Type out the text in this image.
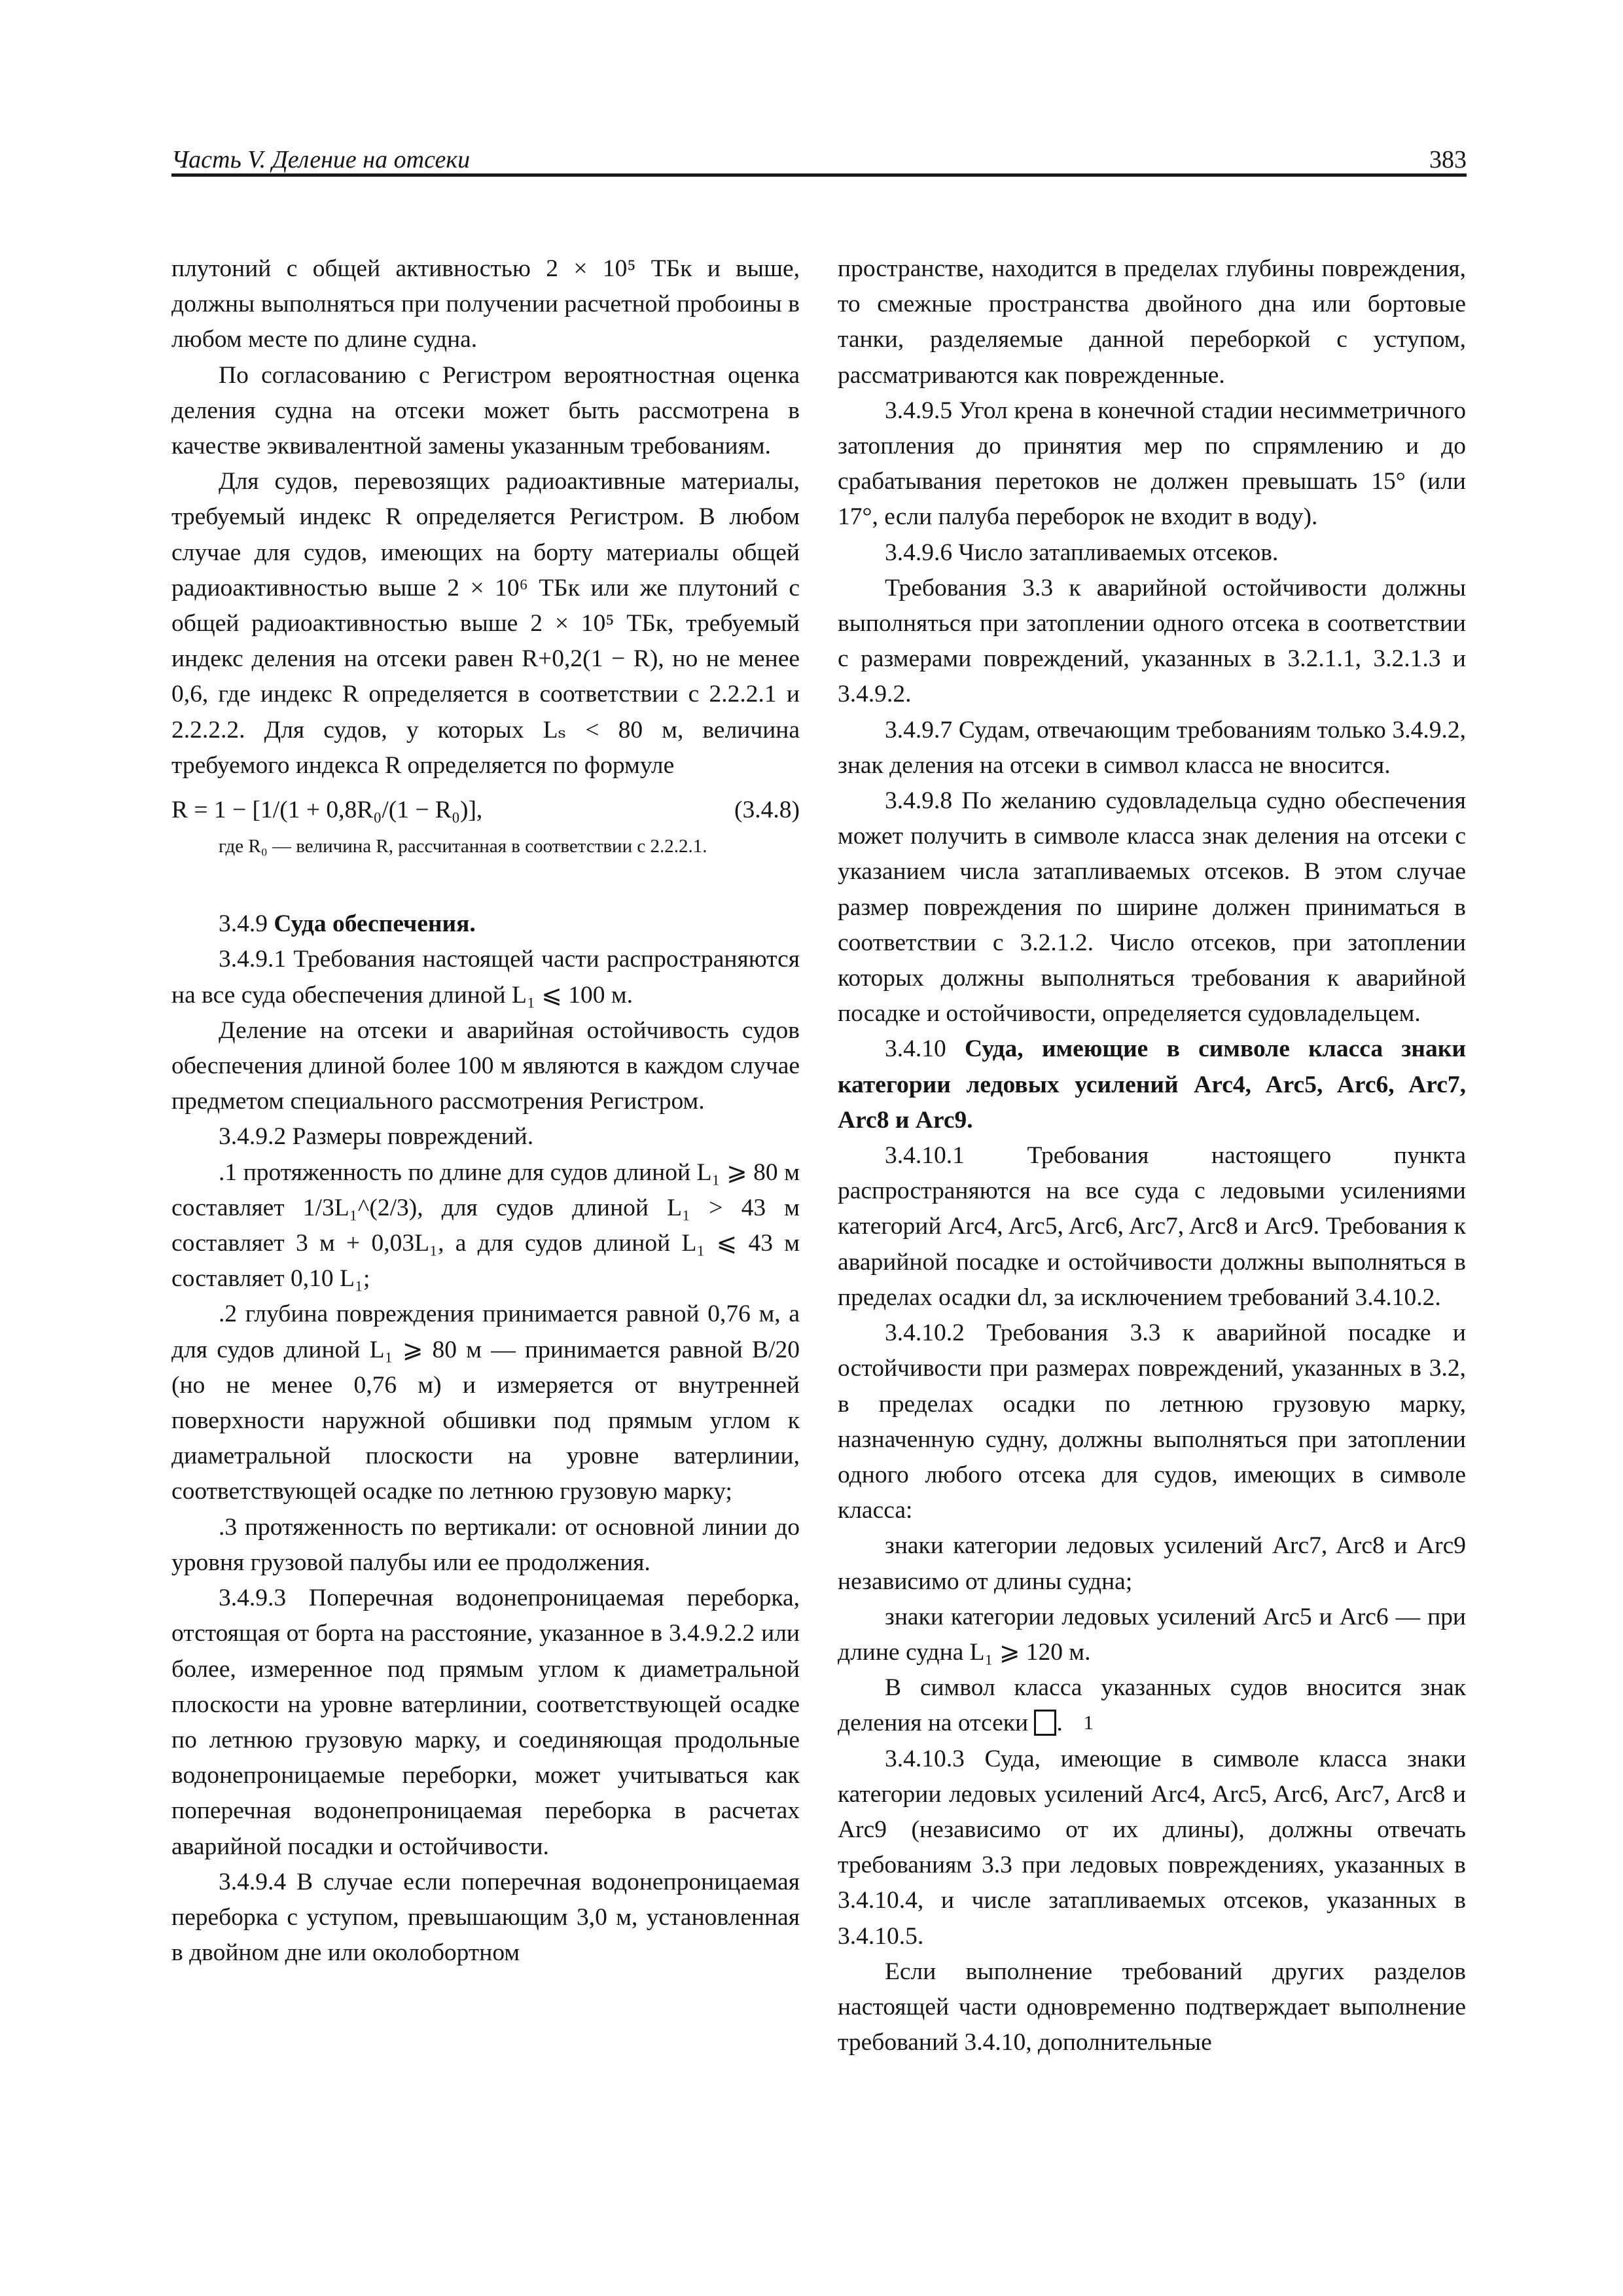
Часть V. Деление на отсеки	383

плутоний с общей активностью 2 × 10⁵ ТБк и выше, должны выполняться при получении расчетной пробоины в любом месте по длине судна.

По согласованию с Регистром вероятностная оценка деления судна на отсеки может быть рассмотрена в качестве эквивалентной замены указанным требованиям.

Для судов, перевозящих радиоактивные материалы, требуемый индекс R определяется Регистром. В любом случае для судов, имеющих на борту материалы общей радиоактивностью выше 2 × 10⁶ ТБк или же плутоний с общей радиоактивностью выше 2 × 10⁵ ТБк, требуемый индекс деления на отсеки равен R+0,2(1 − R), но не менее 0,6, где индекс R определяется в соответствии с 2.2.2.1 и 2.2.2.2. Для судов, у которых Lₛ < 80 м, величина требуемого индекса R определяется по формуле

R = 1 − [1/(1 + 0,8R₀/(1 − R₀)],	(3.4.8)
где R₀ — величина R, рассчитанная в соответствии с 2.2.2.1.

3.4.9 Суда обеспечения.

3.4.9.1 Требования настоящей части распространяются на все суда обеспечения длиной L₁ ⩽ 100 м.

Деление на отсеки и аварийная остойчивость судов обеспечения длиной более 100 м являются в каждом случае предметом специального рассмотрения Регистром.

3.4.9.2 Размеры повреждений.

.1 протяженность по длине для судов длиной L₁ ⩾ 80 м составляет 1/3L₁^(2/3), для судов длиной L₁ > 43 м составляет 3 м + 0,03L₁, а для судов длиной L₁ ⩽ 43 м составляет 0,10 L₁;

.2 глубина повреждения принимается равной 0,76 м, а для судов длиной L₁ ⩾ 80 м — принимается равной B/20 (но не менее 0,76 м) и измеряется от внутренней поверхности наружной обшивки под прямым углом к диаметральной плоскости на уровне ватерлинии, соответствующей осадке по летнюю грузовую марку;

.3 протяженность по вертикали: от основной линии до уровня грузовой палубы или ее продолжения.

3.4.9.3 Поперечная водонепроницаемая переборка, отстоящая от борта на расстояние, указанное в 3.4.9.2.2 или более, измеренное под прямым углом к диаметральной плоскости на уровне ватерлинии, соответствующей осадке по летнюю грузовую марку, и соединяющая продольные водонепроницаемые переборки, может учитываться как поперечная водонепроницаемая переборка в расчетах аварийной посадки и остойчивости.

3.4.9.4 В случае если поперечная водонепроницаемая переборка с уступом, превышающим 3,0 м, установленная в двойном дне или околобортном

пространстве, находится в пределах глубины повреждения, то смежные пространства двойного дна или бортовые танки, разделяемые данной переборкой с уступом, рассматриваются как поврежденные.

3.4.9.5 Угол крена в конечной стадии несимметричного затопления до принятия мер по спрямлению и до срабатывания перетоков не должен превышать 15° (или 17°, если палуба переборок не входит в воду).

3.4.9.6 Число затапливаемых отсеков.

Требования 3.3 к аварийной остойчивости должны выполняться при затоплении одного отсека в соответствии с размерами повреждений, указанных в 3.2.1.1, 3.2.1.3 и 3.4.9.2.

3.4.9.7 Судам, отвечающим требованиям только 3.4.9.2, знак деления на отсеки в символ класса не вносится.

3.4.9.8 По желанию судовладельца судно обеспечения может получить в символе класса знак деления на отсеки с указанием числа затапливаемых отсеков. В этом случае размер повреждения по ширине должен приниматься в соответствии с 3.2.1.2. Число отсеков, при затоплении которых должны выполняться требования к аварийной посадке и остойчивости, определяется судовладельцем.

3.4.10 Суда, имеющие в символе класса знаки категории ледовых усилений Arc4, Arc5, Arc6, Arc7, Arc8 и Arc9.

3.4.10.1 Требования настоящего пункта распространяются на все суда с ледовыми усилениями категорий Arc4, Arc5, Arc6, Arc7, Arc8 и Arc9. Требования к аварийной посадке и остойчивости должны выполняться в пределах осадки dл, за исключением требований 3.4.10.2.

3.4.10.2 Требования 3.3 к аварийной посадке и остойчивости при размерах повреждений, указанных в 3.2, в пределах осадки по летнюю грузовую марку, назначенную судну, должны выполняться при затоплении одного любого отсека для судов, имеющих в символе класса:

знаки категории ледовых усилений Arc7, Arc8 и Arc9 независимо от длины судна;

знаки категории ледовых усилений Arc5 и Arc6 — при длине судна L₁ ⩾ 120 м.

В символ класса указанных судов вносится знак деления на отсеки	1.

3.4.10.3 Суда, имеющие в символе класса знаки категории ледовых усилений Arc4, Arc5, Arc6, Arc7, Arc8 и Arc9 (независимо от их длины), должны отвечать требованиям 3.3 при ледовых повреждениях, указанных в 3.4.10.4, и числе затапливаемых отсеков, указанных в 3.4.10.5.

Если выполнение требований других разделов настоящей части одновременно подтверждает выполнение требований 3.4.10, дополнительные
